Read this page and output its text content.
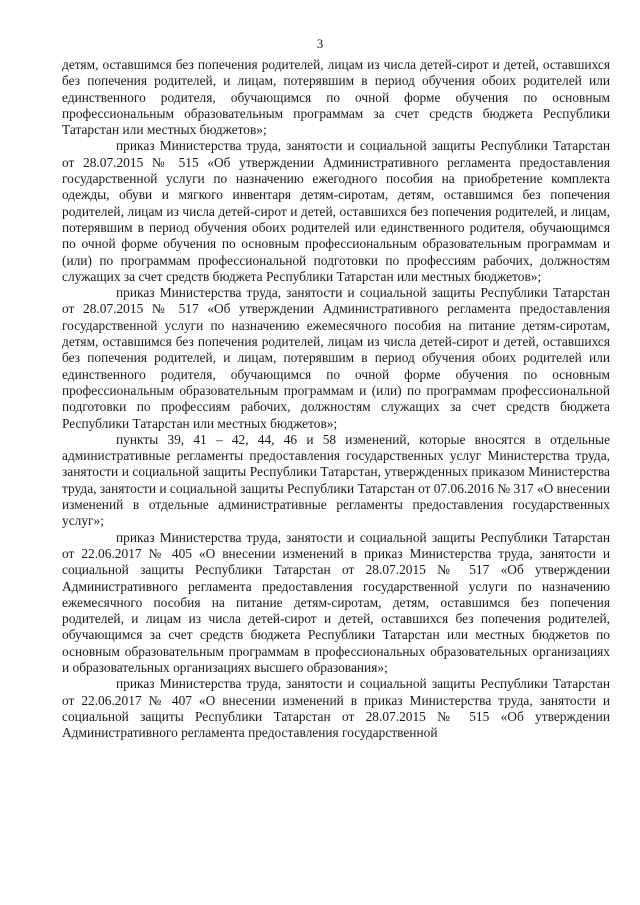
3

детям, оставшимся без попечения родителей, лицам из числа детей-сирот и детей, оставшихся без попечения родителей, и лицам, потерявшим в период обучения обоих родителей или единственного родителя, обучающимся по очной форме обучения по основным профессиональным образовательным программам за счет средств бюджета Республики Татарстан или местных бюджетов»;

приказ Министерства труда, занятости и социальной защиты Республики Татарстан от 28.07.2015 № 515 «Об утверждении Административного регламента предоставления государственной услуги по назначению ежегодного пособия на приобретение комплекта одежды, обуви и мягкого инвентаря детям-сиротам, детям, оставшимся без попечения родителей, лицам из числа детей-сирот и детей, оставшихся без попечения родителей, и лицам, потерявшим в период обучения обоих родителей или единственного родителя, обучающимся по очной форме обучения по основным профессиональным образовательным программам и (или) по программам профессиональной подготовки по профессиям рабочих, должностям служащих за счет средств бюджета Республики Татарстан или местных бюджетов»;

приказ Министерства труда, занятости и социальной защиты Республики Татарстан от 28.07.2015 № 517 «Об утверждении Административного регламента предоставления государственной услуги по назначению ежемесячного пособия на питание детям-сиротам, детям, оставшимся без попечения родителей, лицам из числа детей-сирот и детей, оставшихся без попечения родителей, и лицам, потерявшим в период обучения обоих родителей или единственного родителя, обучающимся по очной форме обучения по основным профессиональным образовательным программам и (или) по программам профессиональной подготовки по профессиям рабочих, должностям служащих за счет средств бюджета Республики Татарстан или местных бюджетов»;

пункты 39, 41 – 42, 44, 46 и 58 изменений, которые вносятся в отдельные административные регламенты предоставления государственных услуг Министерства труда, занятости и социальной защиты Республики Татарстан, утвержденных приказом Министерства труда, занятости и социальной защиты Республики Татарстан от 07.06.2016 № 317 «О внесении изменений в отдельные административные регламенты предоставления государственных услуг»;

приказ Министерства труда, занятости и социальной защиты Республики Татарстан от 22.06.2017 № 405 «О внесении изменений в приказ Министерства труда, занятости и социальной защиты Республики Татарстан от 28.07.2015 № 517 «Об утверждении Административного регламента предоставления государственной услуги по назначению ежемесячного пособия на питание детям-сиротам, детям, оставшимся без попечения родителей, и лицам из числа детей-сирот и детей, оставшихся без попечения родителей, обучающимся за счет средств бюджета Республики Татарстан или местных бюджетов по основным образовательным программам в профессиональных образовательных организациях и образовательных организациях высшего образования»;

приказ Министерства труда, занятости и социальной защиты Республики Татарстан от 22.06.2017 № 407 «О внесении изменений в приказ Министерства труда, занятости и социальной защиты Республики Татарстан от 28.07.2015 № 515 «Об утверждении Административного регламента предоставления государственной
